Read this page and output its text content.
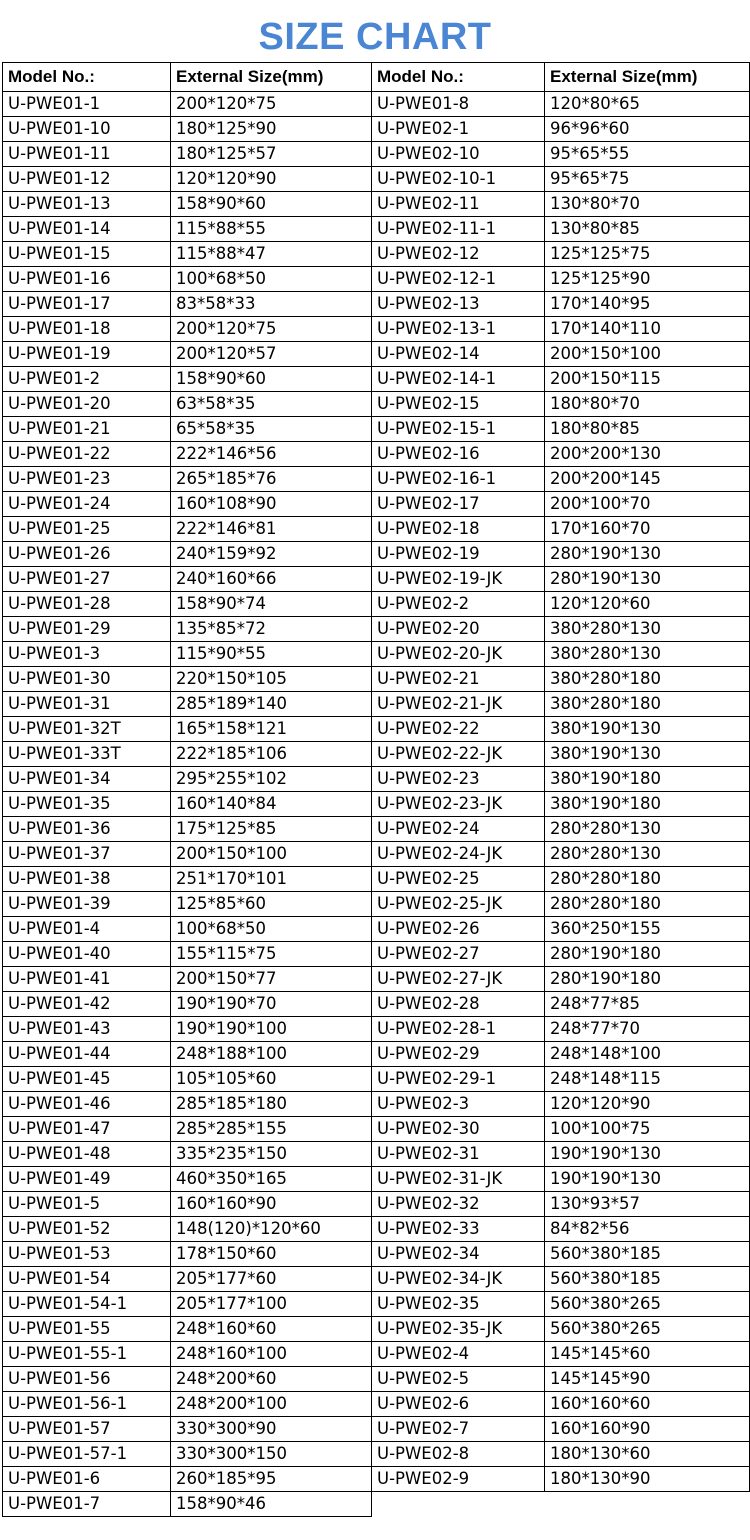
SIZE CHART
Model No.:	External Size(mm)	Model No.:	External Size(mm)
U-PWE01-1	200*120*75	U-PWE01-8	120*80*65
U-PWE01-10	180*125*90	U-PWE02-1	96*96*60
U-PWE01-11	180*125*57	U-PWE02-10	95*65*55
U-PWE01-12	120*120*90	U-PWE02-10-1	95*65*75
U-PWE01-13	158*90*60	U-PWE02-11	130*80*70
U-PWE01-14	115*88*55	U-PWE02-11-1	130*80*85
U-PWE01-15	115*88*47	U-PWE02-12	125*125*75
U-PWE01-16	100*68*50	U-PWE02-12-1	125*125*90
U-PWE01-17	83*58*33	U-PWE02-13	170*140*95
U-PWE01-18	200*120*75	U-PWE02-13-1	170*140*110
U-PWE01-19	200*120*57	U-PWE02-14	200*150*100
U-PWE01-2	158*90*60	U-PWE02-14-1	200*150*115
U-PWE01-20	63*58*35	U-PWE02-15	180*80*70
U-PWE01-21	65*58*35	U-PWE02-15-1	180*80*85
U-PWE01-22	222*146*56	U-PWE02-16	200*200*130
U-PWE01-23	265*185*76	U-PWE02-16-1	200*200*145
U-PWE01-24	160*108*90	U-PWE02-17	200*100*70
U-PWE01-25	222*146*81	U-PWE02-18	170*160*70
U-PWE01-26	240*159*92	U-PWE02-19	280*190*130
U-PWE01-27	240*160*66	U-PWE02-19-JK	280*190*130
U-PWE01-28	158*90*74	U-PWE02-2	120*120*60
U-PWE01-29	135*85*72	U-PWE02-20	380*280*130
U-PWE01-3	115*90*55	U-PWE02-20-JK	380*280*130
U-PWE01-30	220*150*105	U-PWE02-21	380*280*180
U-PWE01-31	285*189*140	U-PWE02-21-JK	380*280*180
U-PWE01-32T	165*158*121	U-PWE02-22	380*190*130
U-PWE01-33T	222*185*106	U-PWE02-22-JK	380*190*130
U-PWE01-34	295*255*102	U-PWE02-23	380*190*180
U-PWE01-35	160*140*84	U-PWE02-23-JK	380*190*180
U-PWE01-36	175*125*85	U-PWE02-24	280*280*130
U-PWE01-37	200*150*100	U-PWE02-24-JK	280*280*130
U-PWE01-38	251*170*101	U-PWE02-25	280*280*180
U-PWE01-39	125*85*60	U-PWE02-25-JK	280*280*180
U-PWE01-4	100*68*50	U-PWE02-26	360*250*155
U-PWE01-40	155*115*75	U-PWE02-27	280*190*180
U-PWE01-41	200*150*77	U-PWE02-27-JK	280*190*180
U-PWE01-42	190*190*70	U-PWE02-28	248*77*85
U-PWE01-43	190*190*100	U-PWE02-28-1	248*77*70
U-PWE01-44	248*188*100	U-PWE02-29	248*148*100
U-PWE01-45	105*105*60	U-PWE02-29-1	248*148*115
U-PWE01-46	285*185*180	U-PWE02-3	120*120*90
U-PWE01-47	285*285*155	U-PWE02-30	100*100*75
U-PWE01-48	335*235*150	U-PWE02-31	190*190*130
U-PWE01-49	460*350*165	U-PWE02-31-JK	190*190*130
U-PWE01-5	160*160*90	U-PWE02-32	130*93*57
U-PWE01-52	148(120)*120*60	U-PWE02-33	84*82*56
U-PWE01-53	178*150*60	U-PWE02-34	560*380*185
U-PWE01-54	205*177*60	U-PWE02-34-JK	560*380*185
U-PWE01-54-1	205*177*100	U-PWE02-35	560*380*265
U-PWE01-55	248*160*60	U-PWE02-35-JK	560*380*265
U-PWE01-55-1	248*160*100	U-PWE02-4	145*145*60
U-PWE01-56	248*200*60	U-PWE02-5	145*145*90
U-PWE01-56-1	248*200*100	U-PWE02-6	160*160*60
U-PWE01-57	330*300*90	U-PWE02-7	160*160*90
U-PWE01-57-1	330*300*150	U-PWE02-8	180*130*60
U-PWE01-6	260*185*95	U-PWE02-9	180*130*90
U-PWE01-7	158*90*46		
